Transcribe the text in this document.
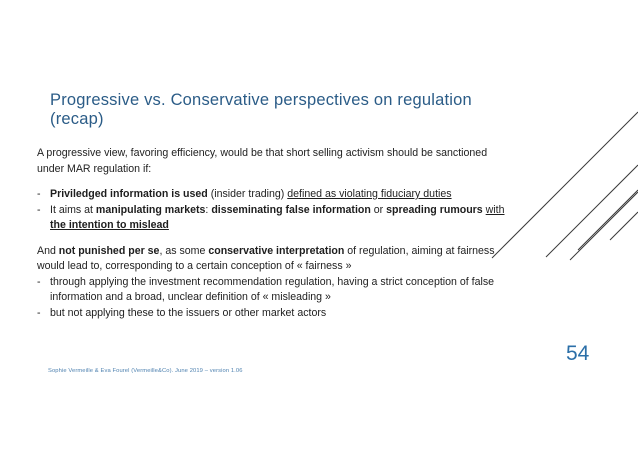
Progressive vs. Conservative perspectives on regulation (recap)

A progressive view, favoring efficiency, would be that short selling activism should be sanctioned under MAR regulation if:

- Priviledged information is used (insider trading) defined as violating fiduciary duties
- It aims at manipulating markets: disseminating false information or spreading rumours with the intention to mislead

And not punished per se, as some conservative interpretation of regulation, aiming at fairness would lead to, corresponding to a certain conception of « fairness »

- through applying the investment recommendation regulation, having a strict conception of false information and a broad, unclear definition of « misleading »
- but not applying these to the issuers or other market actors
Sophie Vermeille & Eva Fourel (Vermeille&Co). June 2019 – version 1.06
54
